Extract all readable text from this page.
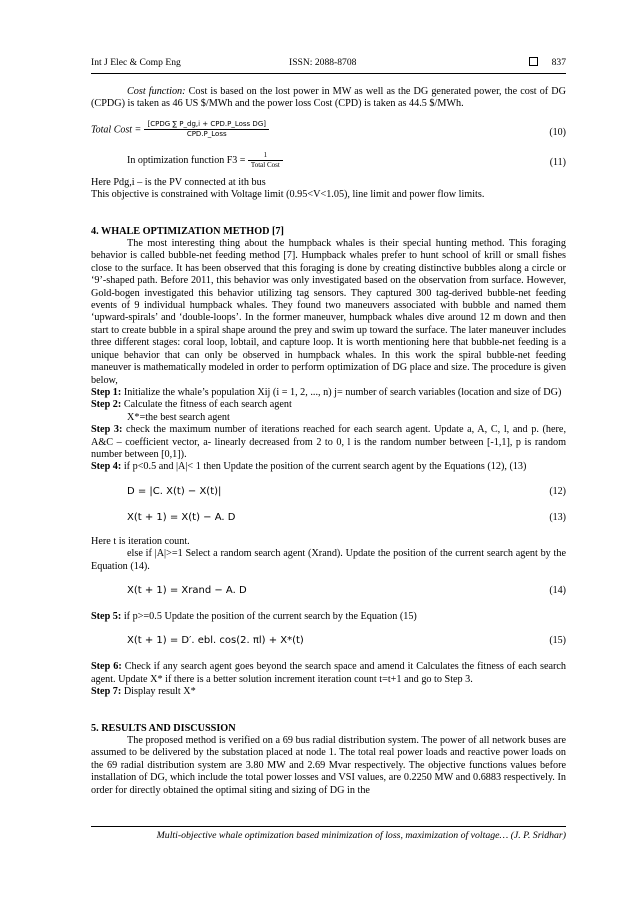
Int J Elec & Comp Eng	ISSN: 2088-8708	837

Cost function: Cost is based on the lost power in MW as well as the DG generated power, the cost of DG (CPDG) is taken as 46 US $/MWh and the power loss Cost (CPD) is taken as 44.5 $/MWh.

Total Cost = $\frac{\text{[CPDG ∑ P\_dg,i + CPD.P\_Loss DG]}}{\text{CPD.P\_Loss}}$	(10)
In optimization function $F3 = \frac{1}{\text{Total Cost}}$	(11)

Here Pdg,i – is the PV connected at ith bus

This objective is constrained with Voltage limit (0.95<V<1.05), line limit and power flow limits.

4. WHALE OPTIMIZATION METHOD [7]

The most interesting thing about the humpback whales is their special hunting method. This foraging behavior is called bubble-net feeding method [7]. Humpback whales prefer to hunt school of krill or small fishes close to the surface. It has been observed that this foraging is done by creating distinctive bubbles along a circle or ‘9’-shaped path. Before 2011, this behavior was only investigated based on the observation from surface. However, Gold-bogen investigated this behavior utilizing tag sensors. They captured 300 tag-derived bubble-net feeding events of 9 individual humpback whales. They found two maneuvers associated with bubble and named them ‘upward-spirals’ and ‘double-loops’. In the former maneuver, humpback whales dive around 12 m down and then start to create bubble in a spiral shape around the prey and swim up toward the surface. The later maneuver includes three different stages: coral loop, lobtail, and capture loop. It is worth mentioning here that bubble-net feeding is a unique behavior that can only be observed in humpback whales. In this work the spiral bubble-net feeding maneuver is mathematically modeled in order to perform optimization of DG place and size. The procedure is given below,

Step 1: Initialize the whale’s population Xij (i = 1, 2, ..., n) j= number of search variables (location and size of DG)

Step 2: Calculate the fitness of each search agent

X*=the best search agent

Step 3: check the maximum number of iterations reached for each search agent. Update a, A, C, l, and p. (here, A&C – coefficient vector, a- linearly decreased from 2 to 0, l is the random number between [-1,1], p is random number between [0,1]).

Step 4: if p<0.5 and |A|< 1 then Update the position of the current search agent by the Equations (12), (13)

D = |C. X(t) − X(t)|	(12)
X(t + 1) = X(t) − A. D	(13)

Here t is iteration count.

else if |A|>=1 Select a random search agent (Xrand). Update the position of the current search agent by the Equation (14).

X(t + 1) = Xrand − A. D	(14)

Step 5: if p>=0.5 Update the position of the current search by the Equation (15)

X(t + 1) = D′. ebl. cos(2. πl) + X*(t)	(15)

Step 6: Check if any search agent goes beyond the search space and amend it Calculates the fitness of each search agent. Update X* if there is a better solution increment iteration count t=t+1 and go to Step 3.

Step 7: Display result X*

5. RESULTS AND DISCUSSION

The proposed method is verified on a 69 bus radial distribution system. The power of all network buses are assumed to be delivered by the substation placed at node 1. The total real power loads and reactive power loads on the 69 radial distribution system are 3.80 MW and 2.69 Mvar respectively. The objective functions values before installation of DG, which include the total power losses and VSI values, are 0.2250 MW and 0.6883 respectively. In order for directly obtained the optimal siting and sizing of DG in the

Multi-objective whale optimization based minimization of loss, maximization of voltage… (J. P. Sridhar)
